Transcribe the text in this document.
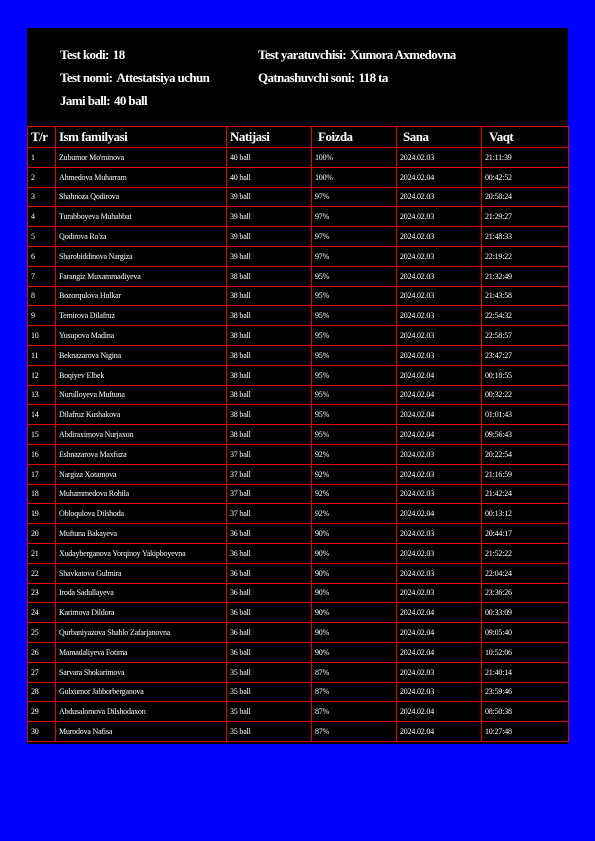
Test kodi: 18	Test yaratuvchisi: Xumora Axmedovna
Test nomi: Attestatsiya uchun	Qatnashuvchi soni: 118 ta
Jami ball: 40 ball
T/r	Ism familyasi	Natijasi	Foizda	Sana	Vaqt
1	Zubumor Mo'minova	40 ball	100%	2024.02.03	21:11:39
2	Ahmedova Muharram	40 ball	100%	2024.02.04	00:42:52
3	Shahnoza Qodirova	39 ball	97%	2024.02.03	20:58:24
4	Turabboyeva Muhabbat	39 ball	97%	2024.02.03	21:29:27
5	Qodirova Ro'za	39 ball	97%	2024.02.03	21:48:33
6	Sharobiddinova Nargiza	39 ball	97%	2024.02.03	22:19:22
7	Farangiz Muxammadiyeva	38 ball	95%	2024.02.03	21:32:49
8	Bozorqulova Hulkar	38 ball	95%	2024.02.03	21:43:58
9	Temirova Dilafruz	38 ball	95%	2024.02.03	22:54:32
10	Yusupova Madina	38 ball	95%	2024.02.03	22:58:57
11	Beknazarova Nigina	38 ball	95%	2024.02.03	23:47:27
12	Boqiyev Elbek	38 ball	95%	2024.02.04	00:18:55
13	Nurulloyeva Muftuna	38 ball	95%	2024.02.04	00:32:22
14	Dilafruz Kushakova	38 ball	95%	2024.02.04	01:01:43
15	Abdiraximova Nurjaxon	38 ball	95%	2024.02.04	09:56:43
16	Eshnazarova Maxfuza	37 ball	92%	2024.02.03	20:22:54
17	Nargiza Xotamova	37 ball	92%	2024.02.03	21:16:59
18	Muhammedova Rohila	37 ball	92%	2024.02.03	21:42:24
19	Obloqulova Dilshoda	37 ball	92%	2024.02.04	00:13:12
20	Muftuna Bakayeva	36 ball	90%	2024.02.03	20:44:17
21	Xudayberganova Yorqinoy Yakipboyevna	36 ball	90%	2024.02.03	21:52:22
22	Shavkatova Gulmira	36 ball	90%	2024.02.03	22:04:24
23	Iroda Sadullayeva	36 ball	90%	2024.02.03	23:36:26
24	Karimova Dildora	36 ball	90%	2024.02.04	00:33:09
25	Qurbaniyazova Shahlo Zafarjanovna	36 ball	90%	2024.02.04	09:05:40
26	Mamadaliyeva Fotima	36 ball	90%	2024.02.04	10:52:06
27	Sarvara Shokarimova	35 ball	87%	2024.02.03	21:40:14
28	Gulxumor Jabborberganova	35 ball	87%	2024.02.03	23:59:46
29	Abdusalomova Dilshodaxon	35 ball	87%	2024.02.04	08:50:38
30	Murodova Nafisa	35 ball	87%	2024.02.04	10:27:48
